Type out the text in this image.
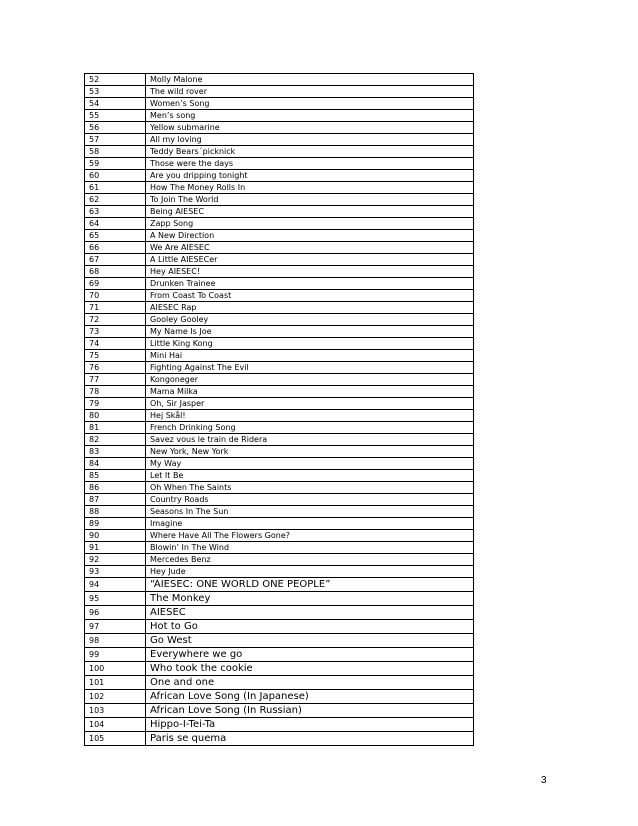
52	Molly Malone
53	The wild rover
54	Women’s Song
55	Men’s song
56	Yellow submarine
57	All my loving
58	Teddy Bears´picknick
59	Those were the days
60	Are you dripping tonight
61	How The Money Rolls In
62	To Join The World
63	Being AIESEC
64	Zapp Song
65	A New Direction
66	We Are AIESEC
67	A Little AIESECer
68	Hey AIESEC!
69	Drunken Trainee
70	From Coast To Coast
71	AIESEC Rap
72	Gooley Gooley
73	My Name Is Joe
74	Little King Kong
75	Mini Hai
76	Fighting Against The Evil
77	Kongoneger
78	Mama Milka
79	Oh, Sir Jasper
80	Hej Skål!
81	French Drinking Song
82	Savez vous le train de Ridera
83	New York, New York
84	My Way
85	Let It Be
86	Oh When The Saints
87	Country Roads
88	Seasons In The Sun
89	Imagine
90	Where Have All The Flowers Gone?
91	Blowin’ In The Wind
92	Mercedes Benz
93	Hey Jude
94	“AIESEC: ONE WORLD ONE PEOPLE”
95	The Monkey
96	AIESEC
97	Hot to Go
98	Go West
99	Everywhere we go
100	Who took the cookie
101	One and one
102	African Love Song (In Japanese)
103	African Love Song (In Russian)
104	Hippo-I-Tei-Ta
105	Paris se quema
3
